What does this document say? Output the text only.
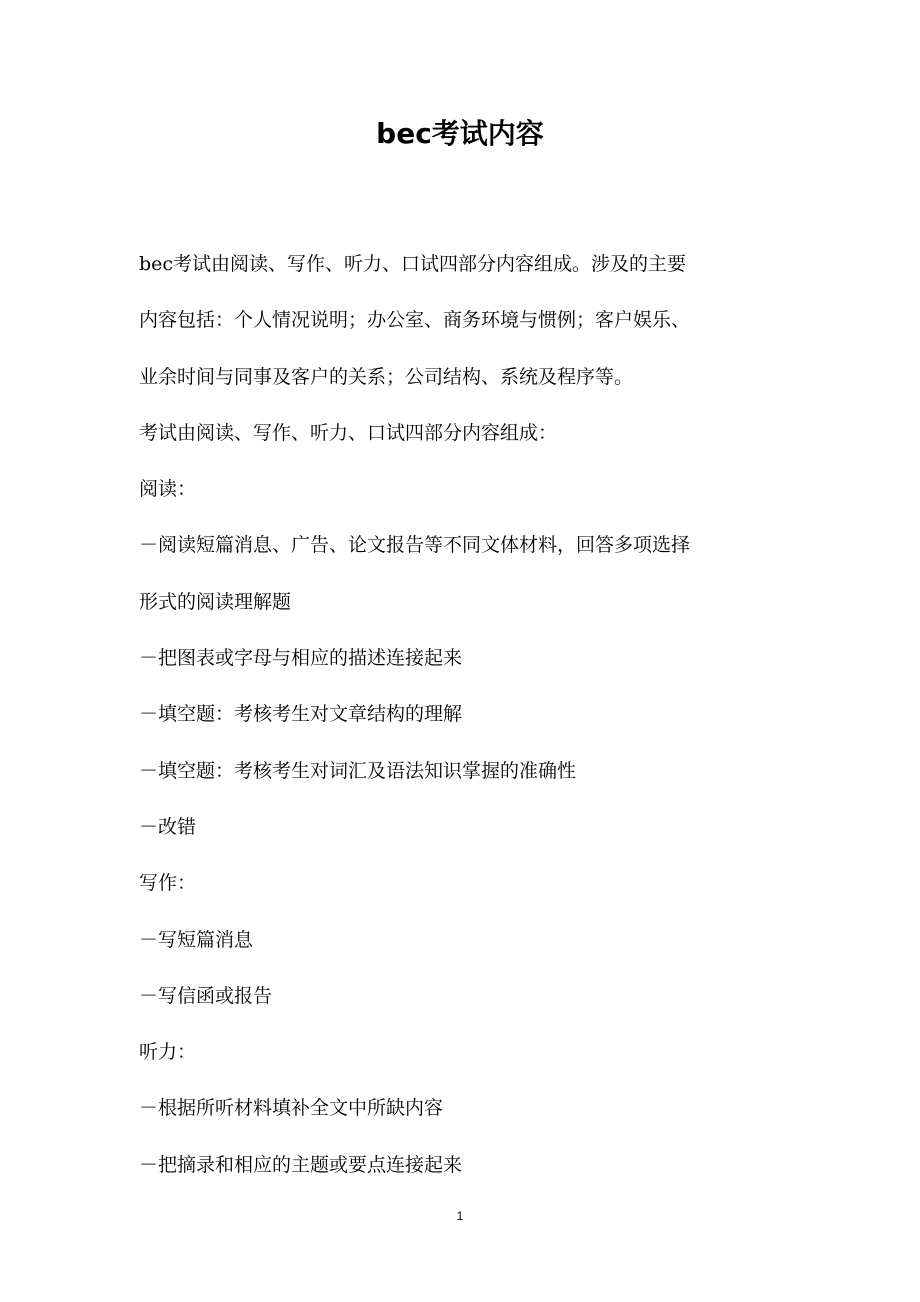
bec考试内容

bec考试由阅读、写作、听力、口试四部分内容组成。涉及的主要

内容包括：个人情况说明；办公室、商务环境与惯例；客户娱乐、

业余时间与同事及客户的关系；公司结构、系统及程序等。

考试由阅读、写作、听力、口试四部分内容组成：

阅读：

－阅读短篇消息、广告、论文报告等不同文体材料，回答多项选择

形式的阅读理解题

－把图表或字母与相应的描述连接起来

－填空题：考核考生对文章结构的理解

－填空题：考核考生对词汇及语法知识掌握的准确性

－改错

写作：

－写短篇消息

－写信函或报告

听力：

－根据所听材料填补全文中所缺内容

－把摘录和相应的主题或要点连接起来

1
